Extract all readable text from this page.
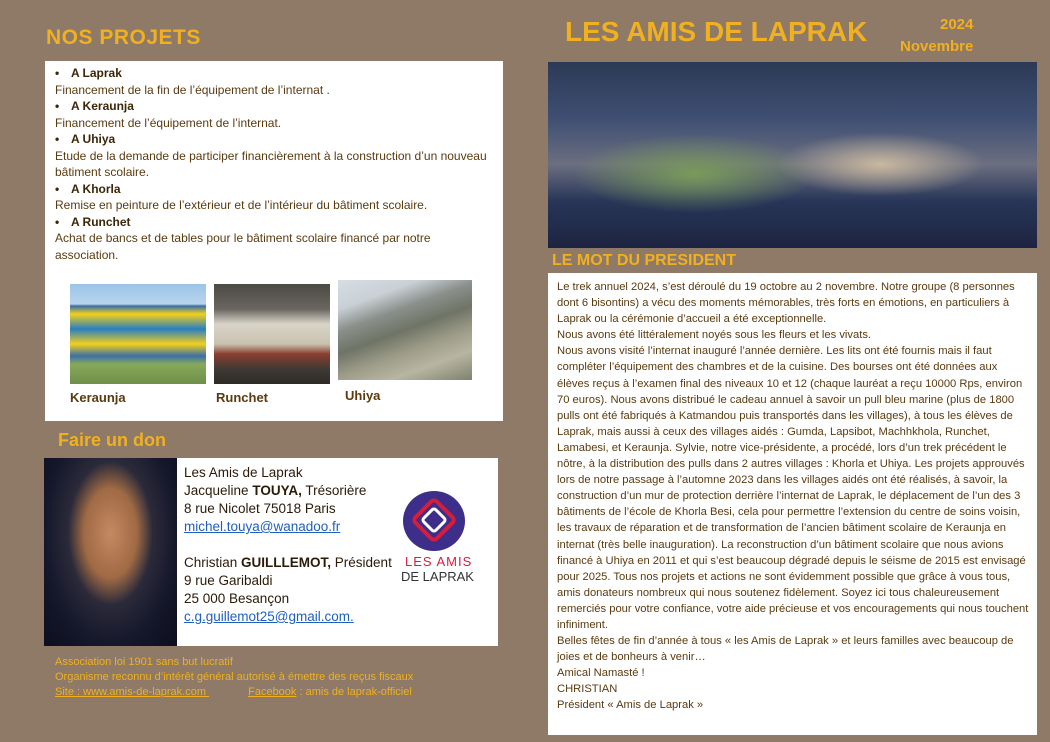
NOS PROJETS	LES AMIS DE LAPRAK	2024
Novembre
• A Laprak

Financement de la fin de l’équipement de l’internat .

• A Keraunja

Financement de l’équipement de l’internat.

• A Uhiya

Etude de la demande de participer financièrement à la construction d’un nouveau bâtiment scolaire.

• A Khorla

Remise en peinture de l’extérieur et de l’intérieur du bâtiment scolaire.

• A Runchet

Achat de bancs et de tables pour le bâtiment scolaire financé par notre association.

Keraunja	Runchet	Uhiya
Faire un don
Les Amis de Laprak
Jacqueline TOUYA, Trésorière
8 rue Nicolet 75018 Paris
michel.touya@wanadoo.fr
Christian GUILLLEMOT, Président
9 rue Garibaldi
25 000 Besançon
c.g.guillemot25@gmail.com.
LES AMIS
DE LAPRAK
Association loi 1901 sans but lucratif
Organisme reconnu d’intérêt général autorisé à émettre des reçus fiscaux
Site : www.amis-de-laprak.com	Facebook : amis de laprak-officiel
LE MOT DU PRESIDENT

Le trek annuel 2024, s’est déroulé du 19 octobre au 2 novembre. Notre groupe (8 personnes dont 6 bisontins) a vécu des moments mémorables, très forts en émotions, en particuliers à Laprak ou la cérémonie d’accueil a été exceptionnelle.

Nous avons été littéralement noyés sous les fleurs et les vivats.

Nous avons visité l’internat inauguré l’année dernière. Les lits ont été fournis mais il faut compléter l’équipement des chambres et de la cuisine. Des bourses ont été données aux élèves reçus à l’examen final des niveaux 10 et 12 (chaque lauréat a reçu 10000 Rps, environ 70 euros). Nous avons distribué le cadeau annuel à savoir un pull bleu marine (plus de 1800 pulls ont été fabriqués à Katmandou puis transportés dans les villages), à tous les élèves de Laprak, mais aussi à ceux des villages aidés : Gumda, Lapsibot, Machhkhola, Runchet, Lamabesi, et Keraunja. Sylvie, notre vice-présidente, a procédé, lors d’un trek précédent le nôtre, à la distribution des pulls dans 2 autres villages : Khorla et Uhiya. Les projets approuvés lors de notre passage à l’automne 2023 dans les villages aidés ont été réalisés, à savoir, la construction d’un mur de protection derrière l’internat de Laprak, le déplacement de l’un des 3 bâtiments de l’école de Khorla Besi, cela pour permettre l’extension du centre de soins voisin, les travaux de réparation et de transformation de l’ancien bâtiment scolaire de Keraunja en internat (très belle inauguration). La reconstruction d’un bâtiment scolaire que nous avions financé à Uhiya en 2011 et qui s’est beaucoup dégradé depuis le séisme de 2015 est envisagé pour 2025. Tous nos projets et actions ne sont évidemment possible que grâce à vous tous, amis donateurs nombreux qui nous soutenez fidèlement. Soyez ici tous chaleureusement remerciés pour votre confiance, votre aide précieuse et vos encouragements qui nous touchent infiniment.

Belles fêtes de fin d’année à tous « les Amis de Laprak » et leurs familles avec beaucoup de joies et de bonheurs à venir…

Amical Namasté !

CHRISTIAN

Président « Amis de Laprak »
